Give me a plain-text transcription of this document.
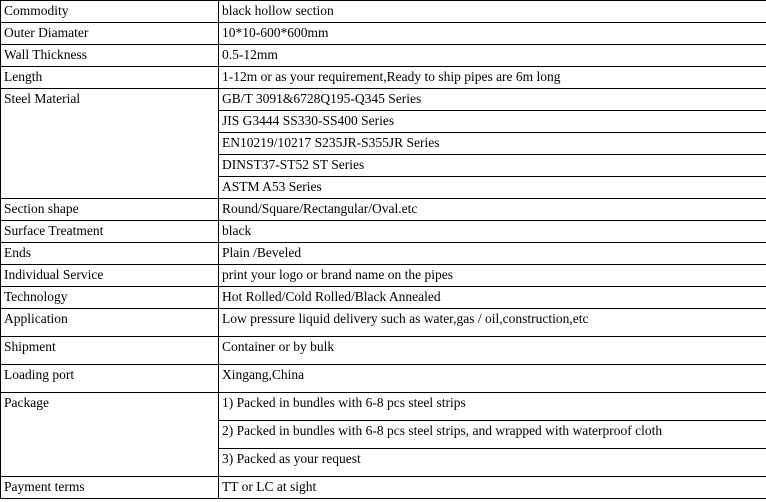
Commodity	black hollow section
Outer Diamater	10*10-600*600mm
Wall Thickness	0.5-12mm
Length	1-12m or as your requirement,Ready to ship pipes are 6m long
Steel Material	GB/T 3091&6728Q195-Q345 Series
	JIS G3444 SS330-SS400 Series
	EN10219/10217 S235JR-S355JR Series
	DINST37-ST52 ST Series
	ASTM A53 Series
Section shape	Round/Square/Rectangular/Oval.etc
Surface Treatment	black
Ends	Plain /Beveled
Individual Service	print your logo or brand name on the pipes
Technology	Hot Rolled/Cold Rolled/Black Annealed
Application	Low pressure liquid delivery such as water,gas / oil,construction,etc
Shipment	Container or by bulk
Loading port	Xingang,China
Package	1) Packed in bundles with 6-8 pcs steel strips
	2) Packed in bundles with 6-8 pcs steel strips, and wrapped with waterproof cloth
	3) Packed as your request
Payment terms	TT or LC at sight
